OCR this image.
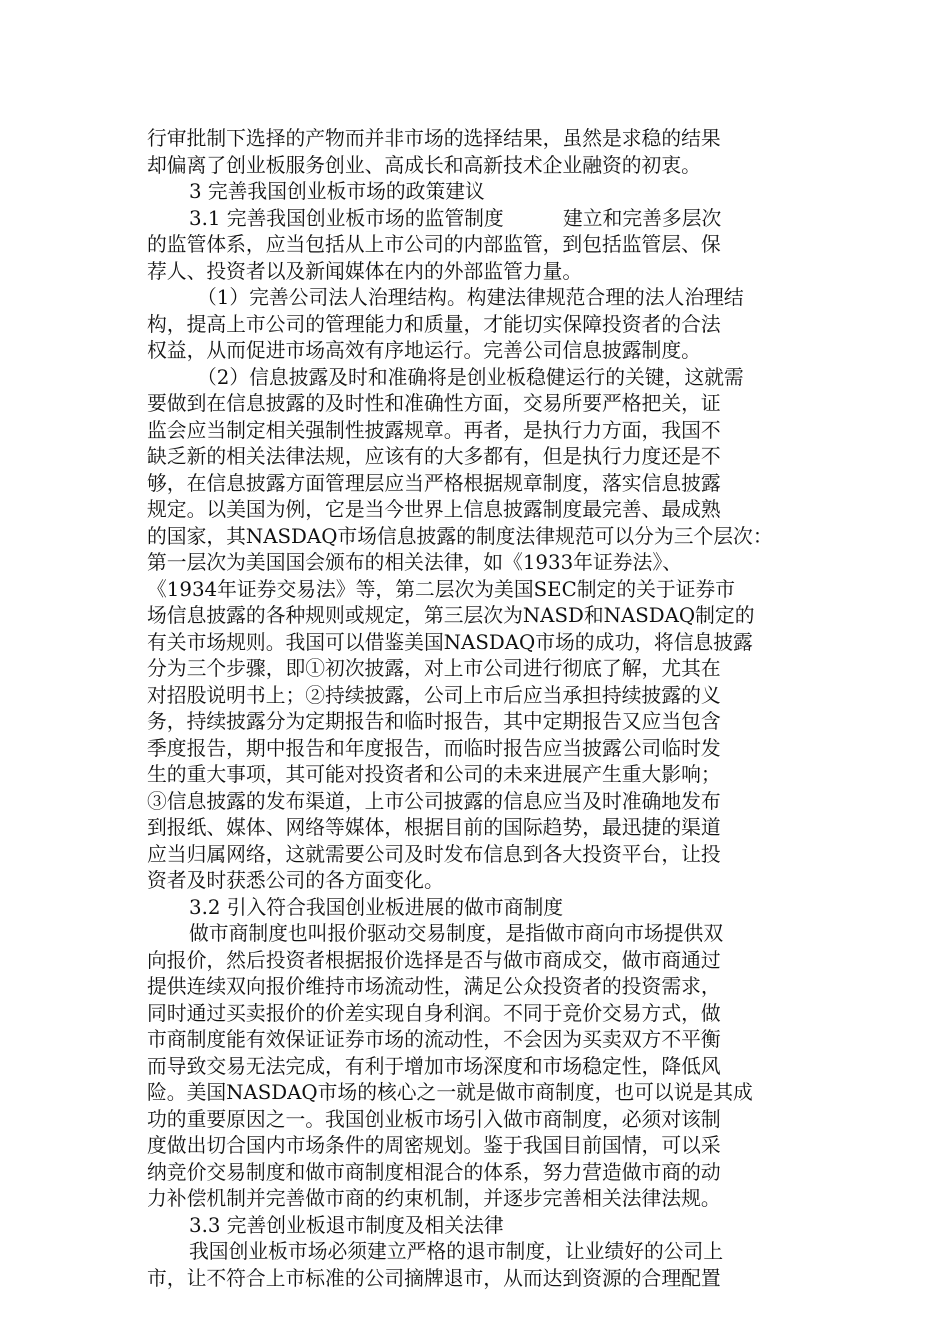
行审批制下选择的产物而并非市场的选择结果，虽然是求稳的结果
却偏离了创业板服务创业、高成长和高新技术企业融资的初衷。
3 完善我国创业板市场的政策建议
3.1 完善我国创业板市场的监管制度　　　建立和完善多层次
的监管体系，应当包括从上市公司的内部监管，到包括监管层、保
荐人、投资者以及新闻媒体在内的外部监管力量。
（1）完善公司法人治理结构。构建法律规范合理的法人治理结
构，提高上市公司的管理能力和质量，才能切实保障投资者的合法
权益，从而促进市场高效有序地运行。完善公司信息披露制度。
（2）信息披露及时和准确将是创业板稳健运行的关键，这就需
要做到在信息披露的及时性和准确性方面，交易所要严格把关，证
监会应当制定相关强制性披露规章。再者，是执行力方面，我国不
缺乏新的相关法律法规，应该有的大多都有，但是执行力度还是不
够，在信息披露方面管理层应当严格根据规章制度，落实信息披露
规定。以美国为例，它是当今世界上信息披露制度最完善、最成熟
的国家，其NASDAQ市场信息披露的制度法律规范可以分为三个层次：
第一层次为美国国会颁布的相关法律，如《1933年证券法》、
《1934年证券交易法》等，第二层次为美国SEC制定的关于证券市
场信息披露的各种规则或规定，第三层次为NASD和NASDAQ制定的
有关市场规则。我国可以借鉴美国NASDAQ市场的成功，将信息披露
分为三个步骤，即①初次披露，对上市公司进行彻底了解，尤其在
对招股说明书上；②持续披露，公司上市后应当承担持续披露的义
务，持续披露分为定期报告和临时报告，其中定期报告又应当包含
季度报告，期中报告和年度报告，而临时报告应当披露公司临时发
生的重大事项，其可能对投资者和公司的未来进展产生重大影响；
③信息披露的发布渠道，上市公司披露的信息应当及时准确地发布
到报纸、媒体、网络等媒体，根据目前的国际趋势，最迅捷的渠道
应当归属网络，这就需要公司及时发布信息到各大投资平台，让投
资者及时获悉公司的各方面变化。
3.2 引入符合我国创业板进展的做市商制度
做市商制度也叫报价驱动交易制度，是指做市商向市场提供双
向报价，然后投资者根据报价选择是否与做市商成交，做市商通过
提供连续双向报价维持市场流动性，满足公众投资者的投资需求，
同时通过买卖报价的价差实现自身利润。不同于竞价交易方式，做
市商制度能有效保证证券市场的流动性，不会因为买卖双方不平衡
而导致交易无法完成，有利于增加市场深度和市场稳定性，降低风
险。美国NASDAQ市场的核心之一就是做市商制度，也可以说是其成
功的重要原因之一。我国创业板市场引入做市商制度，必须对该制
度做出切合国内市场条件的周密规划。鉴于我国目前国情，可以采
纳竞价交易制度和做市商制度相混合的体系，努力营造做市商的动
力补偿机制并完善做市商的约束机制，并逐步完善相关法律法规。
3.3 完善创业板退市制度及相关法律
我国创业板市场必须建立严格的退市制度，让业绩好的公司上
市，让不符合上市标准的公司摘牌退市，从而达到资源的合理配置
